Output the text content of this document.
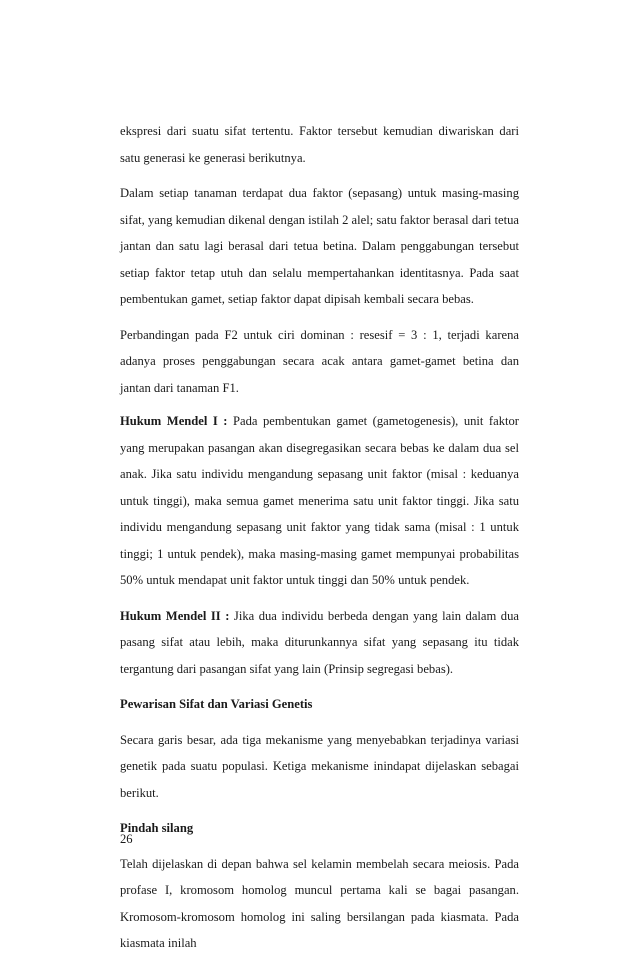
ekspresi dari suatu sifat tertentu. Faktor tersebut kemudian diwariskan dari satu generasi ke generasi berikutnya.

Dalam setiap tanaman terdapat dua faktor (sepasang) untuk masing-masing sifat, yang kemudian dikenal dengan istilah 2 alel; satu faktor berasal dari tetua jantan dan satu lagi berasal dari tetua betina. Dalam penggabungan tersebut setiap faktor tetap utuh dan selalu mempertahankan identitasnya. Pada saat pembentukan gamet, setiap faktor dapat dipisah kembali secara bebas.

Perbandingan pada F2 untuk ciri dominan : resesif = 3 : 1, terjadi karena adanya proses penggabungan secara acak antara gamet-gamet betina dan jantan dari tanaman F1.

Hukum Mendel I : Pada pembentukan gamet (gametogenesis), unit faktor yang merupakan pasangan akan disegregasikan secara bebas ke dalam dua sel anak. Jika satu individu mengandung sepasang unit faktor (misal : keduanya untuk tinggi), maka semua gamet menerima satu unit faktor tinggi. Jika satu individu mengandung sepasang unit faktor yang tidak sama (misal : 1 untuk tinggi; 1 untuk pendek), maka masing-masing gamet mempunyai probabilitas 50% untuk mendapat unit faktor untuk tinggi dan 50% untuk pendek.

Hukum Mendel II : Jika dua individu berbeda dengan yang lain dalam dua pasang sifat atau lebih, maka diturunkannya sifat yang sepasang itu tidak tergantung dari pasangan sifat yang lain (Prinsip segregasi bebas).

Pewarisan Sifat dan Variasi Genetis

Secara garis besar, ada tiga mekanisme yang menyebabkan terjadinya variasi genetik pada suatu populasi. Ketiga mekanisme inindapat dijelaskan sebagai berikut.

Pindah silang

Telah dijelaskan di depan bahwa sel kelamin membelah secara meiosis. Pada profase I, kromosom homolog muncul pertama kali se bagai pasangan. Kromosom-kromosom homolog ini saling bersilangan pada kiasmata. Pada kiasmata inilah

26
